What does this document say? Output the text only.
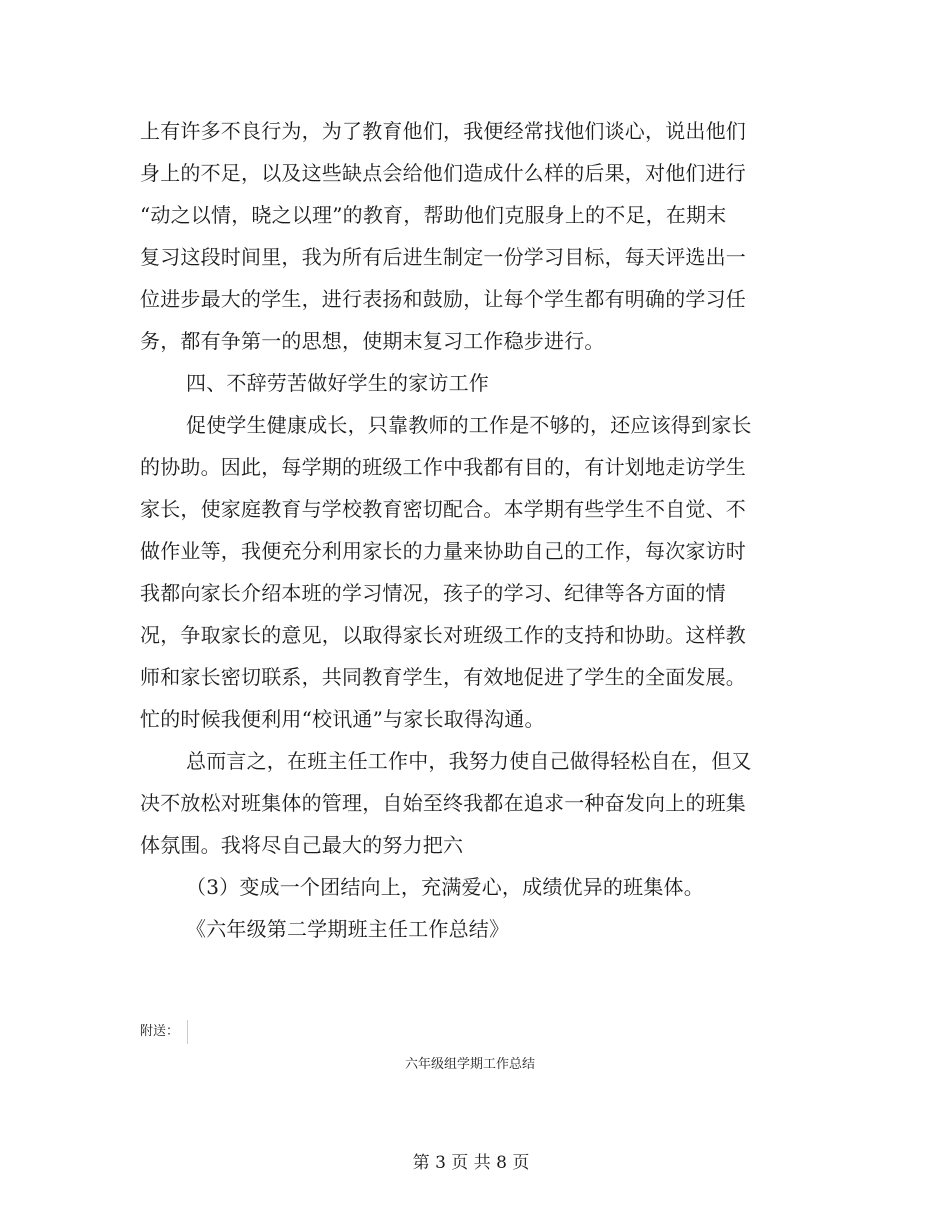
上有许多不良行为，为了教育他们，我便经常找他们谈心，说出他们
身上的不足，以及这些缺点会给他们造成什么样的后果，对他们进行
“动之以情，晓之以理”的教育，帮助他们克服身上的不足，在期末
复习这段时间里，我为所有后进生制定一份学习目标，每天评选出一
位进步最大的学生，进行表扬和鼓励，让每个学生都有明确的学习任
务，都有争第一的思想，使期末复习工作稳步进行。
四、不辞劳苦做好学生的家访工作
促使学生健康成长，只靠教师的工作是不够的，还应该得到家长
的协助。因此，每学期的班级工作中我都有目的，有计划地走访学生
家长，使家庭教育与学校教育密切配合。本学期有些学生不自觉、不
做作业等，我便充分利用家长的力量来协助自己的工作，每次家访时
我都向家长介绍本班的学习情况，孩子的学习、纪律等各方面的情
况，争取家长的意见，以取得家长对班级工作的支持和协助。这样教
师和家长密切联系，共同教育学生，有效地促进了学生的全面发展。
忙的时候我便利用“校讯通”与家长取得沟通。
总而言之，在班主任工作中，我努力使自己做得轻松自在，但又
决不放松对班集体的管理，自始至终我都在追求一种奋发向上的班集
体氛围。我将尽自己最大的努力把六
（3）变成一个团结向上，充满爱心，成绩优异的班集体。
《六年级第二学期班主任工作总结》
附送：
六年级组学期工作总结
第 3 页 共 8 页
